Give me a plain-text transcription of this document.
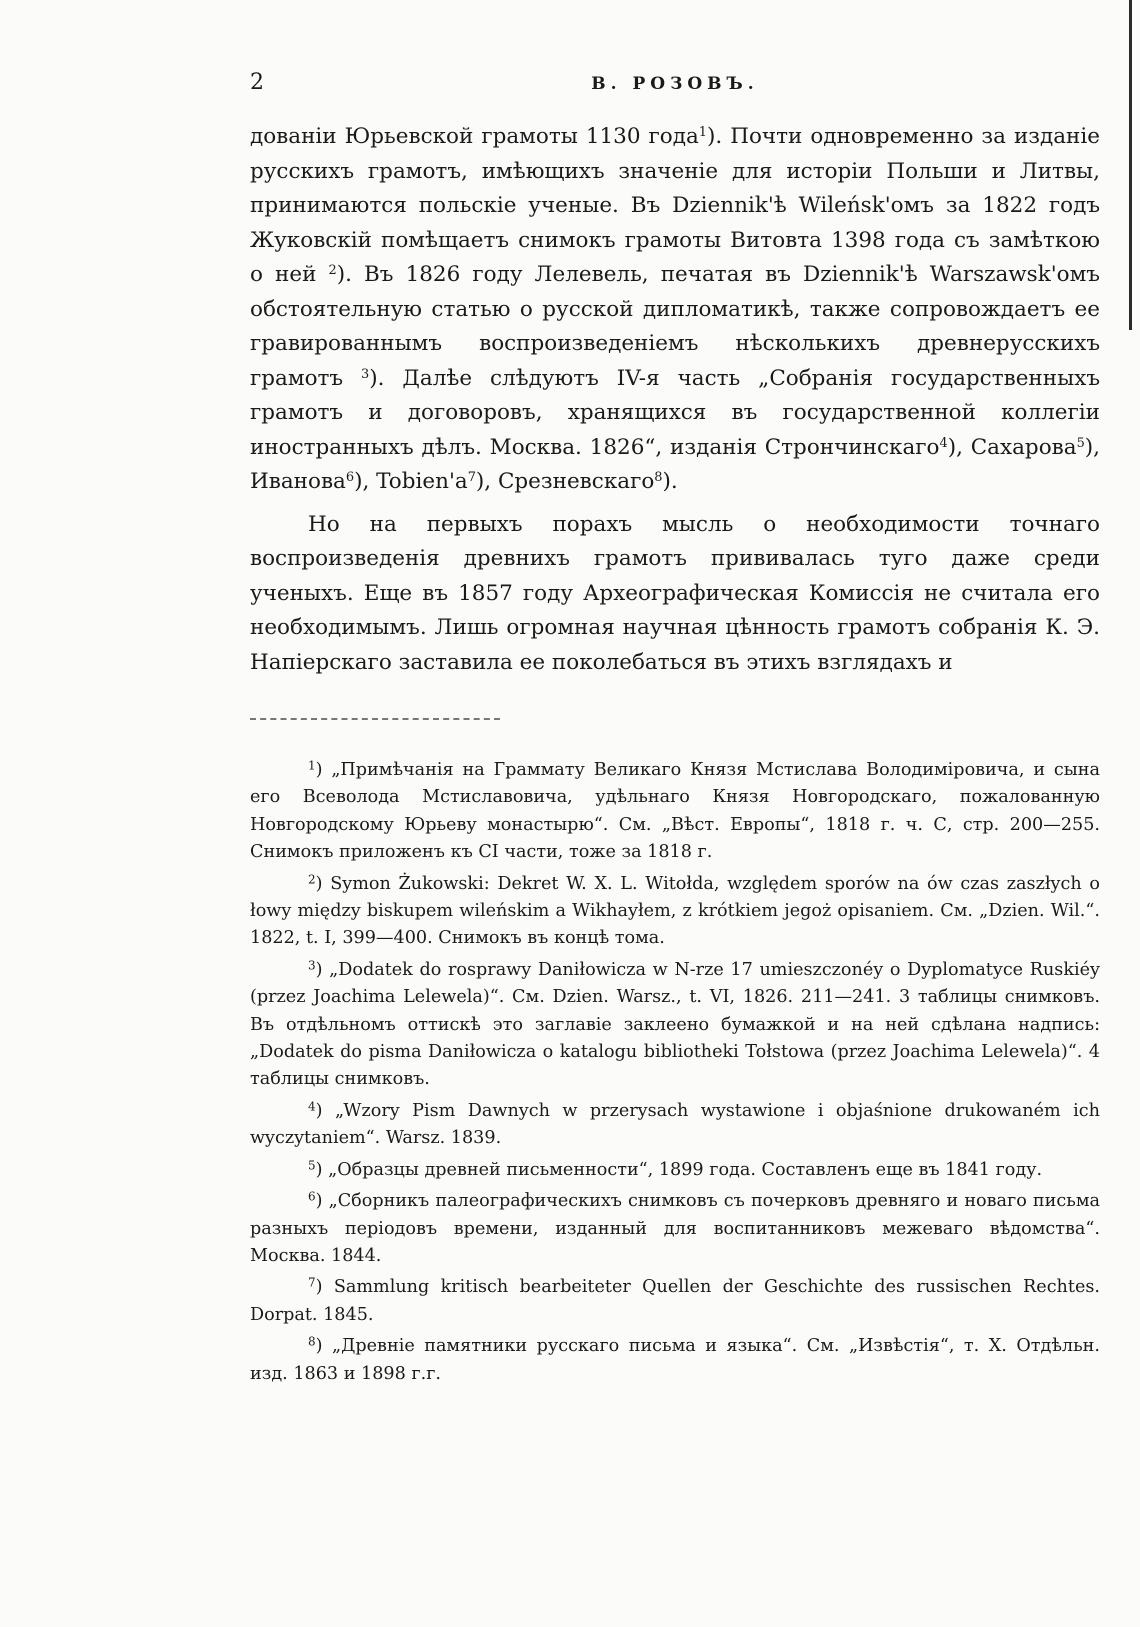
2	В. РОЗОВЪ.

дованіи Юрьевской грамоты 1130 года$^1$). Почти одновременно за изданіе русскихъ грамотъ, имѣющихъ значеніе для исторіи Польши и Литвы, принимаются польскіе ученые. Въ Dziennik'ѣ Wileńsk'омъ за 1822 годъ Жуковскій помѣщаетъ снимокъ грамоты Витовта 1398 года съ замѣткою о ней $^2$). Въ 1826 году Лелевель, печатая въ Dziennik'ѣ Warszawsk'омъ обстоятельную статью о русской дипломатикѣ, также сопровождаетъ ее гравированнымъ воспроизведеніемъ нѣсколькихъ древнерусскихъ грамотъ $^3$). Далѣе слѣдуютъ IV-я часть „Собранія государственныхъ грамотъ и договоровъ, хранящихся въ государственной коллегіи иностранныхъ дѣлъ. Москва. 1826“, изданія Стрончинскаго$^4$), Сахарова$^5$), Иванова$^6$), $Tobien'a^7$), Срезневскаго$^8$).

Но на первыхъ порахъ мысль о необходимости точнаго воспроизведенія древнихъ грамотъ прививалась туго даже среди ученыхъ. Еще въ 1857 году Археографическая Комиссія не считала его необходимымъ. Лишь огромная научная цѣнность грамотъ собранія К. Э. Напіерскаго заставила ее поколебаться въ этихъ взглядахъ и

$^1$) „Примѣчанія на Граммату Великаго Князя Мстислава Володиміровича, и сына его Всеволода Мстиславовича, удѣльнаго Князя Новгородскаго, пожалованную Новгородскому Юрьеву монастырю“. См. „Вѣст. Европы“, 1818 г. ч. С, стр. 200—255. Снимокъ приложенъ къ CI части, тоже за 1818 г.

$^2$) Symon Żukowski: Dekret W. X. L. Witołda, względem sporów na ów czas zaszłych o łowy między biskupem wileńskim a Wikhayłem, z krótkiem jegoż opisaniem. См. „Dzien. Wil.“. 1822, t. I, 399—400. Снимокъ въ концѣ тома.

$^3$) „Dodatek do rosprawy Daniłowicza w N-rze 17 umieszczonéy o Dyplomatyce Ruskiéy (przez Joachima Lelewela)“. См. Dzien. Warsz., t. VI, 1826. 211—241. 3 таблицы снимковъ. Въ отдѣльномъ оттискѣ это заглавіе заклеено бумажкой и на ней сдѣлана надпись: „Dodatek do pisma Daniłowicza o katalogu bibliotheki Tołstowa (przez Joachima Lelewela)“. 4 таблицы снимковъ.

$^4$) „Wzory Pism Dawnych w przerysach wystawione i objaśnione drukowaném ich wyczytaniem“. Warsz. 1839.

$^5$) „Образцы древней письменности“, 1899 года. Составленъ еще въ 1841 году.

$^6$) „Сборникъ палеографическихъ снимковъ съ почерковъ древняго и новаго письма разныхъ періодовъ времени, изданный для воспитанниковъ межеваго вѣдомства“. Москва. 1844.

$^7$) Sammlung kritisch bearbeiteter Quellen der Geschichte des russischen Rechtes. Dorpat. 1845.

$^8$) „Древніе памятники русскаго письма и языка“. См. „Извѣстія“, т. X. Отдѣльн. изд. 1863 и 1898 г.г.
